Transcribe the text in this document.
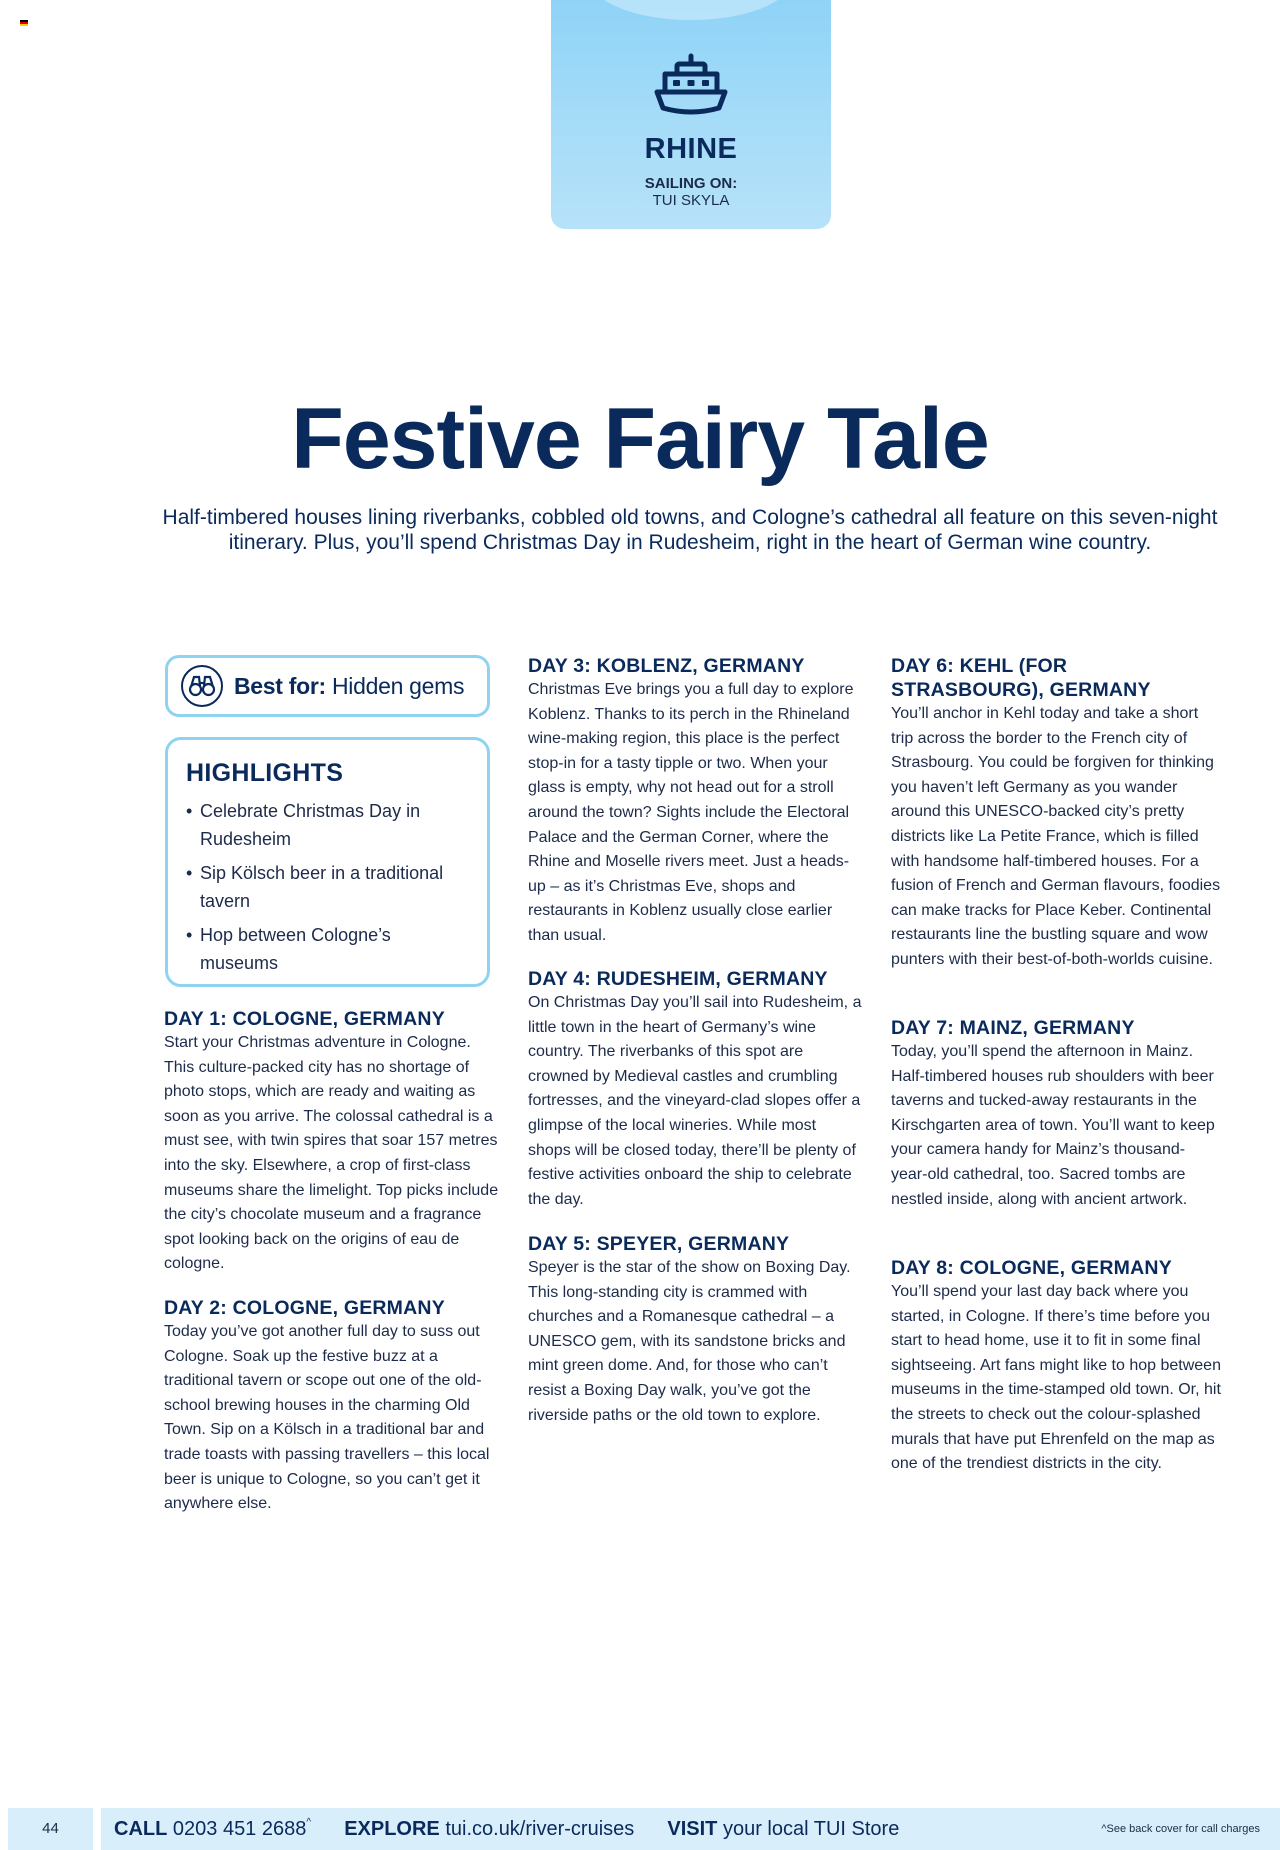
RHINE
SAILING ON:
TUI SKYLA
Festive Fairy Tale

Half-timbered houses lining riverbanks, cobbled old towns, and Cologne’s cathedral all feature on this seven-night itinerary. Plus, you’ll spend Christmas Day in Rudesheim, right in the heart of German wine country.

Best for: Hidden gems
HIGHLIGHTS
• Celebrate Christmas Day in Rudesheim
• Sip Kölsch beer in a traditional tavern
• Hop between Cologne’s museums
DAY 1: COLOGNE, GERMANY

Start your Christmas adventure in Cologne. This culture-packed city has no shortage of photo stops, which are ready and waiting as soon as you arrive. The colossal cathedral is a must see, with twin spires that soar 157 metres into the sky. Elsewhere, a crop of first-class museums share the limelight. Top picks include the city’s chocolate museum and a fragrance spot looking back on the origins of eau de cologne.

DAY 2: COLOGNE, GERMANY

Today you’ve got another full day to suss out Cologne. Soak up the festive buzz at a traditional tavern or scope out one of the old-school brewing houses in the charming Old Town. Sip on a Kölsch in a traditional bar and trade toasts with passing travellers – this local beer is unique to Cologne, so you can’t get it anywhere else.

DAY 3: KOBLENZ, GERMANY

Christmas Eve brings you a full day to explore Koblenz. Thanks to its perch in the Rhineland wine-making region, this place is the perfect stop-in for a tasty tipple or two. When your glass is empty, why not head out for a stroll around the town? Sights include the Electoral Palace and the German Corner, where the Rhine and Moselle rivers meet. Just a heads-up – as it’s Christmas Eve, shops and restaurants in Koblenz usually close earlier than usual.

DAY 4: RUDESHEIM, GERMANY

On Christmas Day you’ll sail into Rudesheim, a little town in the heart of Germany’s wine country. The riverbanks of this spot are crowned by Medieval castles and crumbling fortresses, and the vineyard-clad slopes offer a glimpse of the local wineries. While most shops will be closed today, there’ll be plenty of festive activities onboard the ship to celebrate the day.

DAY 5: SPEYER, GERMANY

Speyer is the star of the show on Boxing Day. This long-standing city is crammed with churches and a Romanesque cathedral – a UNESCO gem, with its sandstone bricks and mint green dome. And, for those who can’t resist a Boxing Day walk, you’ve got the riverside paths or the old town to explore.

DAY 6: KEHL (FOR STRASBOURG), GERMANY

You’ll anchor in Kehl today and take a short trip across the border to the French city of Strasbourg. You could be forgiven for thinking you haven’t left Germany as you wander around this UNESCO-backed city’s pretty districts like La Petite France, which is filled with handsome half-timbered houses. For a fusion of French and German flavours, foodies can make tracks for Place Keber. Continental restaurants line the bustling square and wow punters with their best-of-both-worlds cuisine.

DAY 7: MAINZ, GERMANY

Today, you’ll spend the afternoon in Mainz. Half-timbered houses rub shoulders with beer taverns and tucked-away restaurants in the Kirschgarten area of town. You’ll want to keep your camera handy for Mainz’s thousand-year-old cathedral, too. Sacred tombs are nestled inside, along with ancient artwork.

DAY 8: COLOGNE, GERMANY

You’ll spend your last day back where you started, in Cologne. If there’s time before you start to head home, use it to fit in some final sightseeing. Art fans might like to hop between museums in the time-stamped old town. Or, hit the streets to check out the colour-splashed murals that have put Ehrenfeld on the map as one of the trendiest districts in the city.

44	CALL 0203 451 2688^ EXPLORE tui.co.uk/river-cruises VISIT your local TUI Store	^See back cover for call charges
